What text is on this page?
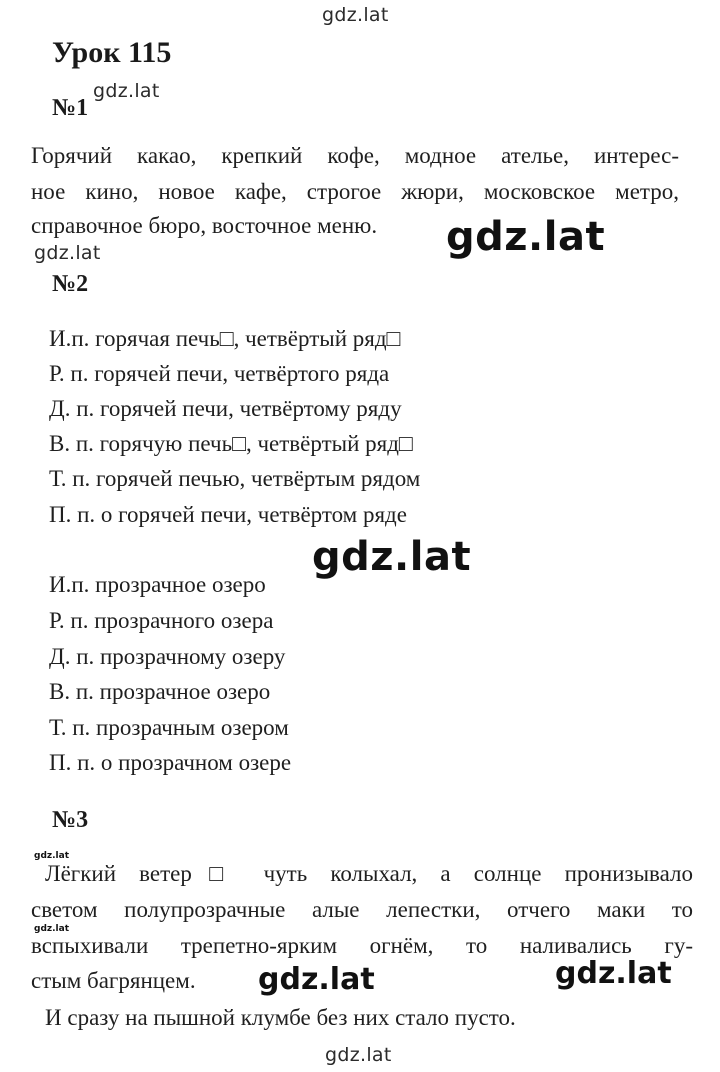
gdz.lat
Урок 115
№1
gdz.lat
Горячий какао, крепкий кофе, модное ателье, интерес-
ное кино, новое кафе, строгое жюри, московское метро,
справочное бюро, восточное меню.
gdz.lat	gdz.lat
№2
И.п. горячая печь□, четвёртый ряд□
Р. п. горячей печи, четвёртого ряда
Д. п. горячей печи, четвёртому ряду
В. п. горячую печь□, четвёртый ряд□
Т. п. горячей печью, четвёртым рядом
П. п. о горячей печи, четвёртом ряде
gdz.lat
И.п. прозрачное озеро
Р. п. прозрачного озера
Д. п. прозрачному озеру
В. п. прозрачное озеро
Т. п. прозрачным озером
П. п. о прозрачном озере
№3
gdz.lat
Лёгкий ветер□ чуть колыхал, а солнце пронизывало
светом полупрозрачные алые лепестки, отчего маки то
gdz.lat
вспыхивали трепетно-ярким огнём, то наливались гу-
стым багрянцем. gdz.lat	gdz.lat
И сразу на пышной клумбе без них стало пусто.
gdz.lat
